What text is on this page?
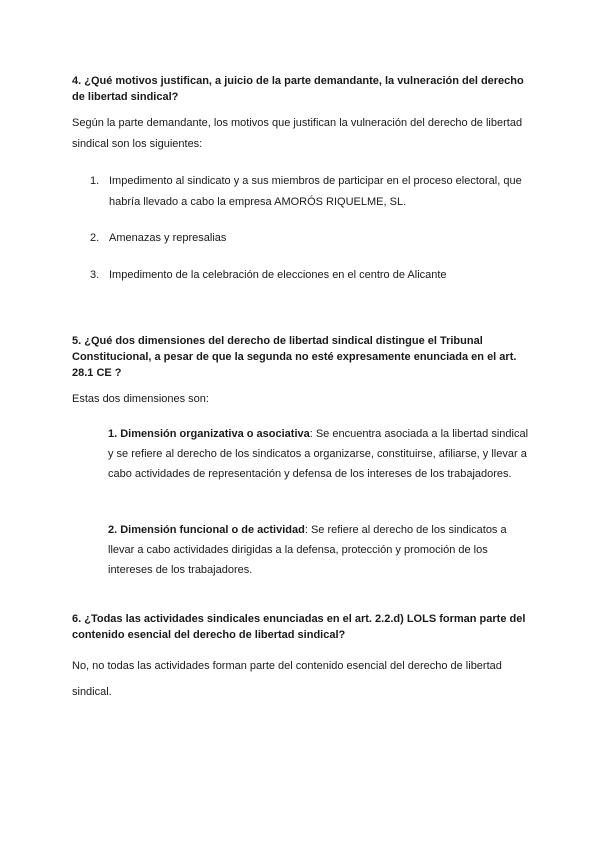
4. ¿Qué motivos justifican, a juicio de la parte demandante, la vulneración del derecho de libertad sindical?

Según la parte demandante, los motivos que justifican la vulneración del derecho de libertad sindical son los siguientes:

1. Impedimento al sindicato y a sus miembros de participar en el proceso electoral, que habría llevado a cabo la empresa AMORÓS RIQUELME, SL.
2. Amenazas y represalias
3. Impedimento de la celebración de elecciones en el centro de Alicante
5. ¿Qué dos dimensiones del derecho de libertad sindical distingue el Tribunal Constitucional, a pesar de que la segunda no esté expresamente enunciada en el art. 28.1 CE ?

Estas dos dimensiones son:

1. Dimensión organizativa o asociativa: Se encuentra asociada a la libertad sindical y se refiere al derecho de los sindicatos a organizarse, constituirse, afiliarse, y llevar a cabo actividades de representación y defensa de los intereses de los trabajadores.
2. Dimensión funcional o de actividad: Se refiere al derecho de los sindicatos a llevar a cabo actividades dirigidas a la defensa, protección y promoción de los intereses de los trabajadores.
6. ¿Todas las actividades sindicales enunciadas en el art. 2.2.d) LOLS forman parte del contenido esencial del derecho de libertad sindical?

No, no todas las actividades forman parte del contenido esencial del derecho de libertad sindical.
